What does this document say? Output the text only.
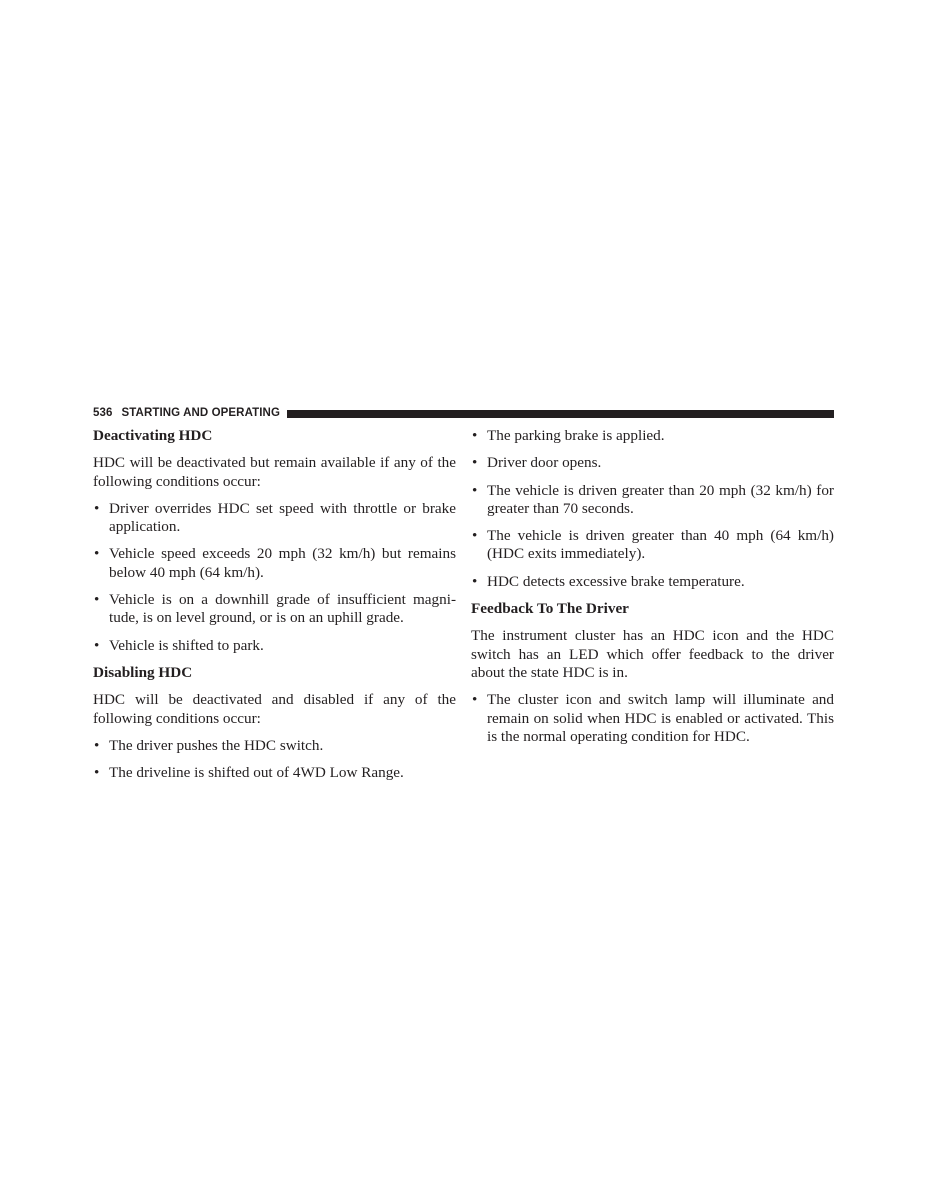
536 STARTING AND OPERATING
Deactivating HDC

HDC will be deactivated but remain available if any of the following conditions occur:

• Driver overrides HDC set speed with throttle or brake application.
• Vehicle speed exceeds 20 mph (32 km/h) but remains below 40 mph (64 km/h).
• Vehicle is on a downhill grade of insufficient magni-tude, is on level ground, or is on an uphill grade.
• Vehicle is shifted to park.
Disabling HDC

HDC will be deactivated and disabled if any of the following conditions occur:

• The driver pushes the HDC switch.
• The driveline is shifted out of 4WD Low Range.
• The parking brake is applied.
• Driver door opens.
• The vehicle is driven greater than 20 mph (32 km/h) for greater than 70 seconds.
• The vehicle is driven greater than 40 mph (64 km/h) (HDC exits immediately).
• HDC detects excessive brake temperature.
Feedback To The Driver

The instrument cluster has an HDC icon and the HDC switch has an LED which offer feedback to the driver about the state HDC is in.

• The cluster icon and switch lamp will illuminate and remain on solid when HDC is enabled or activated. This is the normal operating condition for HDC.
